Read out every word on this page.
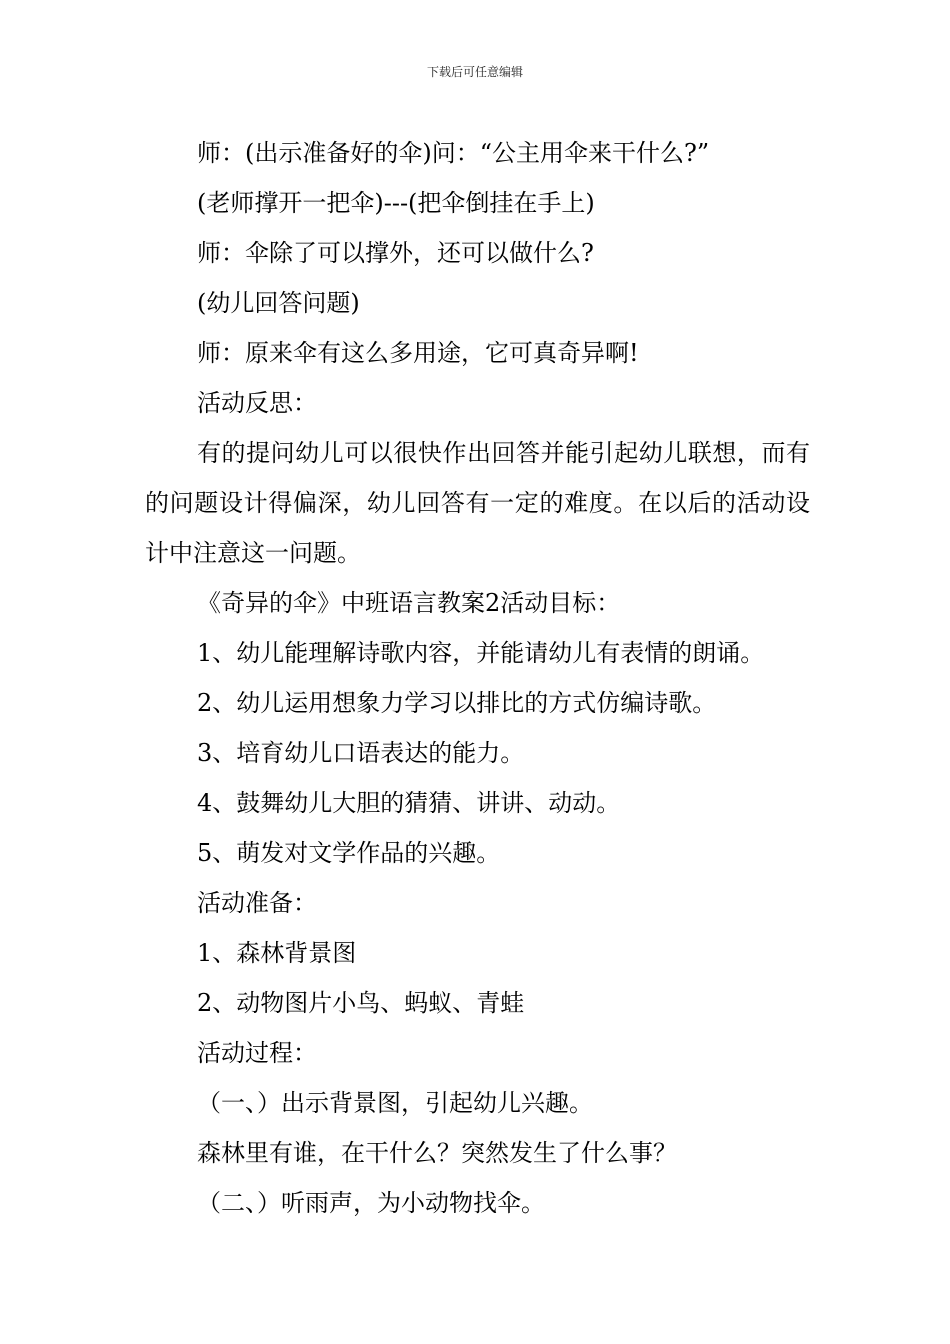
下载后可任意编辑
师：(出示准备好的伞)问：“公主用伞来干什么?”
(老师撑开一把伞)---(把伞倒挂在手上)
师：伞除了可以撑外，还可以做什么?
(幼儿回答问题)
师：原来伞有这么多用途，它可真奇异啊!
活动反思：

有的提问幼儿可以很快作出回答并能引起幼儿联想，而有的问题设计得偏深，幼儿回答有一定的难度。在以后的活动设计中注意这一问题。

《奇异的伞》中班语言教案2活动目标：
1、幼儿能理解诗歌内容，并能请幼儿有表情的朗诵。
2、幼儿运用想象力学习以排比的方式仿编诗歌。
3、培育幼儿口语表达的能力。
4、鼓舞幼儿大胆的猜猜、讲讲、动动。
5、萌发对文学作品的兴趣。
活动准备：
1、森林背景图
2、动物图片小鸟、蚂蚁、青蛙
活动过程：
（一、）出示背景图，引起幼儿兴趣。
森林里有谁，在干什么？突然发生了什么事？
（二、）听雨声，为小动物找伞。
